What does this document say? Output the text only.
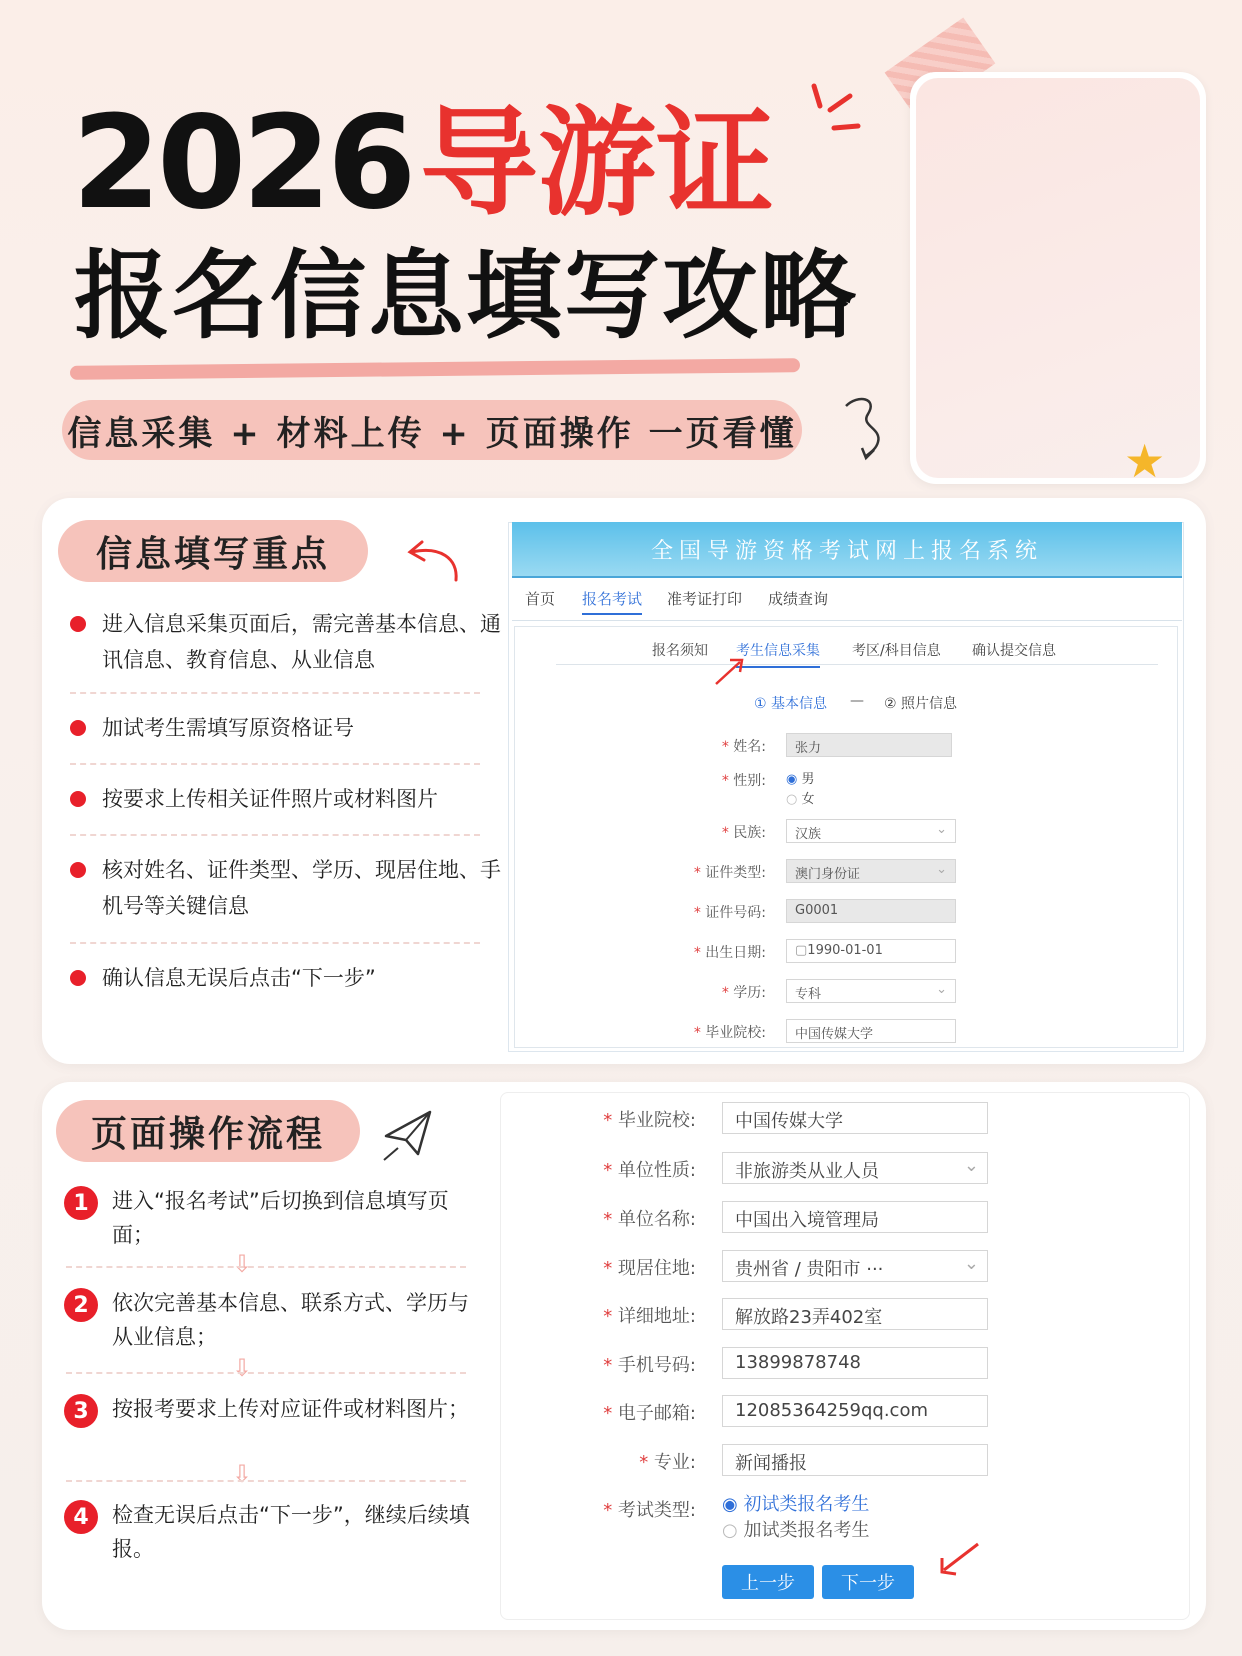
★
2026 导游证
报名信息填写攻略
信息采集 + 材料上传 + 页面操作 一页看懂
信息填写重点
进入信息采集页面后，需完善基本信息、通讯信息、教育信息、从业信息
加试考生需填写原资格证号
按要求上传相关证件照片或材料图片
核对姓名、证件类型、学历、现居住地、手机号等关键信息
确认信息无误后点击“下一步”
全国导游资格考试网上报名系统
首页 报名考试 准考证打印 成绩查询
报名须知 考生信息采集 考区/科目信息 确认提交信息
① 基本信息 — ② 照片信息
* 姓名:	张力
* 性别: ◉ 男
○ 女
* 民族:	汉族	⌄
* 证件类型:	澳门身份证	⌄
* 证件号码:	G0001
* 出生日期:	▢1990-01-01
* 学历:	专科	⌄
* 毕业院校:	中国传媒大学
页面操作流程
1	进入“报名考试”后切换到信息填写页面；
⇩
2	依次完善基本信息、联系方式、学历与从业信息；
⇩
3	按报考要求上传对应证件或材料图片；
⇩
4	检查无误后点击“下一步”，继续后续填报。
* 毕业院校:	中国传媒大学
* 单位性质:	非旅游类从业人员	⌄
* 单位名称:	中国出入境管理局
* 现居住地:	贵州省 / 贵阳市 ···	⌄
* 详细地址:	解放路23弄402室
* 手机号码:	13899878748
* 电子邮箱:	12085364259qq.com
* 专业:	新闻播报
* 考试类型: ◉ 初试类报名考生
○ 加试类报名考生
上一步	下一步
